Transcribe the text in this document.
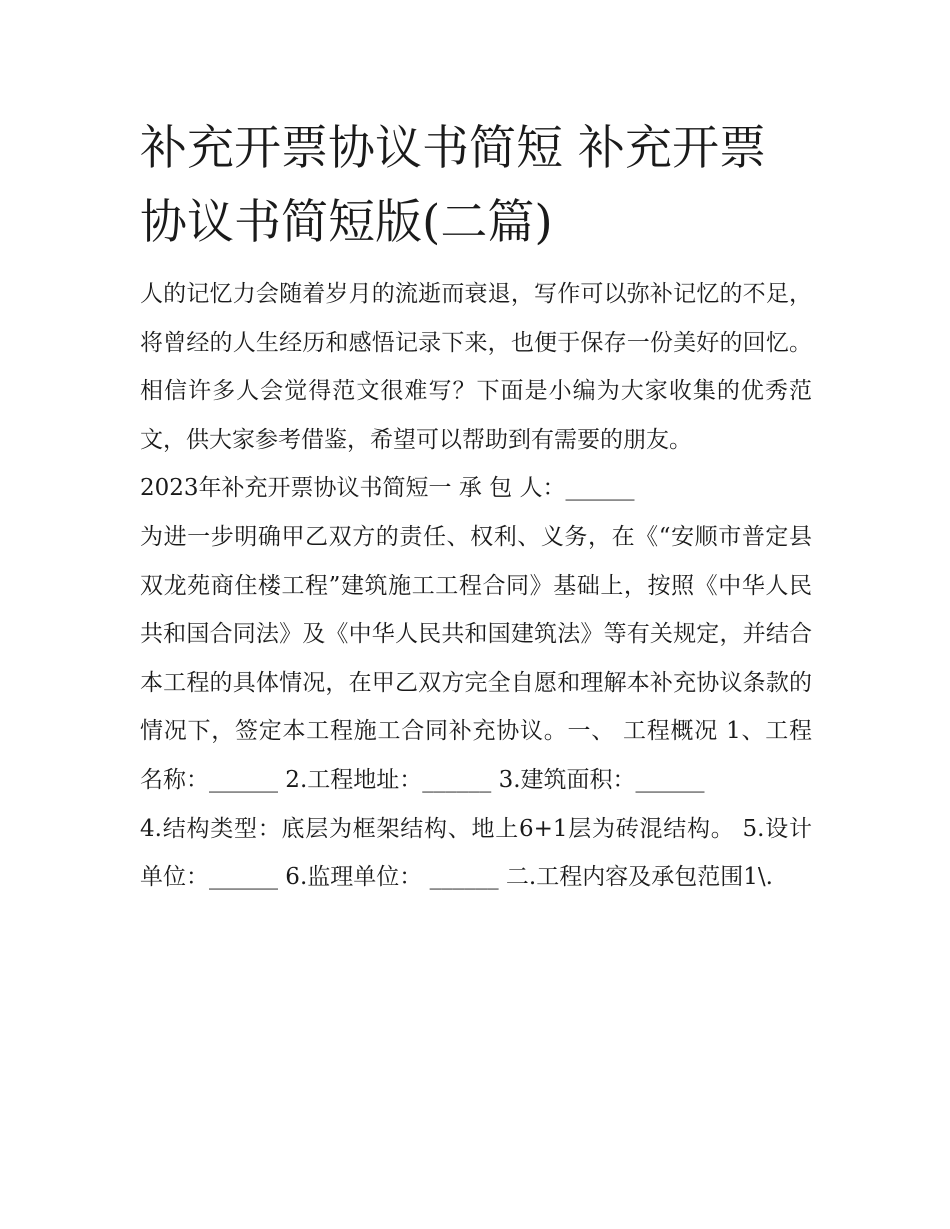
补充开票协议书简短 补充开票协议书简短版(二篇)

人的记忆力会随着岁月的流逝而衰退，写作可以弥补记忆的不足，将曾经的人生经历和感悟记录下来，也便于保存一份美好的回忆。相信许多人会觉得范文很难写？下面是小编为大家收集的优秀范文，供大家参考借鉴，希望可以帮助到有需要的朋友。

2023年补充开票协议书简短一 承 包 人：______

为进一步明确甲乙双方的责任、权利、义务，在《“安顺市普定县双龙苑商住楼工程”建筑施工工程合同》基础上，按照《中华人民共和国合同法》及《中华人民共和国建筑法》等有关规定，并结合本工程的具体情况，在甲乙双方完全自愿和理解本补充协议条款的情况下，签定本工程施工合同补充协议。一、 工程概况 1、工程名称：______ 2.工程地址：______ 3.建筑面积：______

4.结构类型：底层为框架结构、地上6+1层为砖混结构。 5.设计单位：______ 6.监理单位： ______ 二.工程内容及承包范围1\.
